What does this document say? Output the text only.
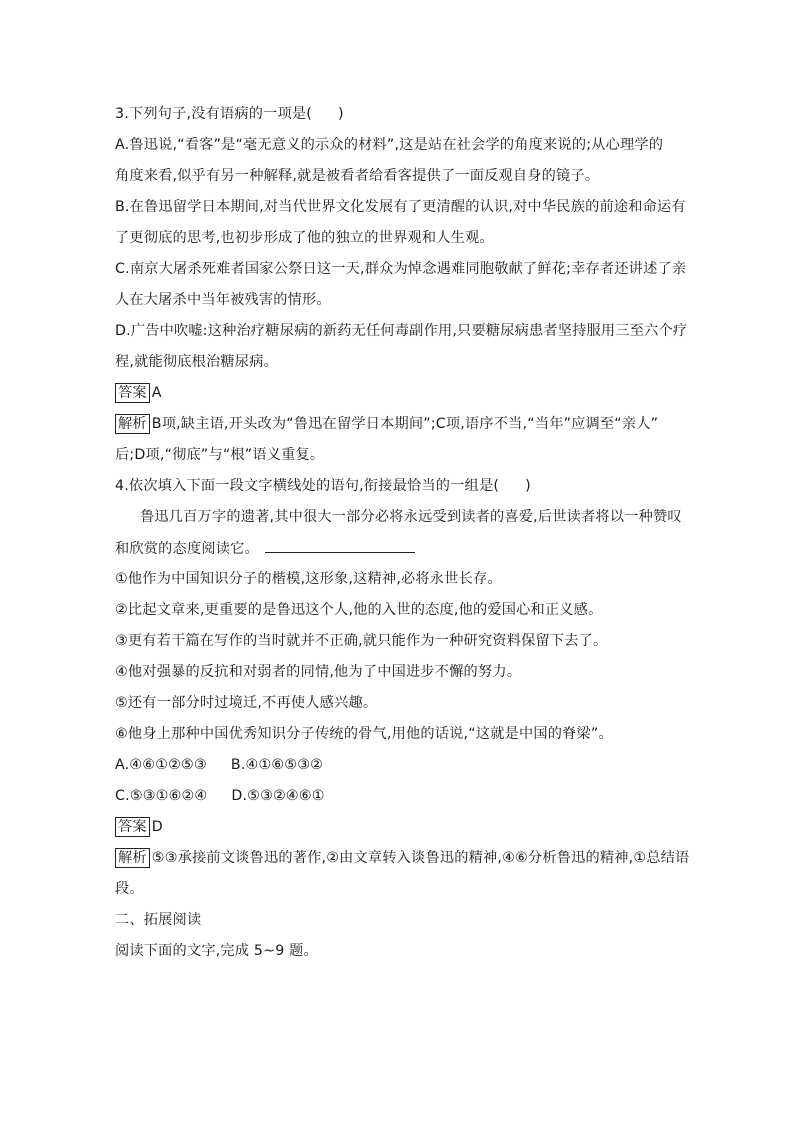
3.下列句子,没有语病的一项是( )
A.鲁迅说,“看客”是“毫无意义的示众的材料”,这是站在社会学的角度来说的;从心理学的
角度来看,似乎有另一种解释,就是被看者给看客提供了一面反观自身的镜子。
B.在鲁迅留学日本期间,对当代世界文化发展有了更清醒的认识,对中华民族的前途和命运有
了更彻底的思考,也初步形成了他的独立的世界观和人生观。
C.南京大屠杀死难者国家公祭日这一天,群众为悼念遇难同胞敬献了鲜花;幸存者还讲述了亲
人在大屠杀中当年被残害的情形。
D.广告中吹嘘:这种治疗糖尿病的新药无任何毒副作用,只要糖尿病患者坚持服用三至六个疗
程,就能彻底根治糖尿病。
答案 A
解析 B项,缺主语,开头改为“鲁迅在留学日本期间”;C项,语序不当,“当年”应调至“亲人”
后;D项,“彻底”与“根”语义重复。
4.依次填入下面一段文字横线处的语句,衔接最恰当的一组是( )
鲁迅几百万字的遗著,其中很大一部分必将永远受到读者的喜爱,后世读者将以一种赞叹
和欣赏的态度阅读它。
①他作为中国知识分子的楷模,这形象,这精神,必将永世长存。
②比起文章来,更重要的是鲁迅这个人,他的入世的态度,他的爱国心和正义感。
③更有若干篇在写作的当时就并不正确,就只能作为一种研究资料保留下去了。
④他对强暴的反抗和对弱者的同情,他为了中国进步不懈的努力。
⑤还有一部分时过境迁,不再使人感兴趣。
⑥他身上那种中国优秀知识分子传统的骨气,用他的话说,“这就是中国的脊梁”。
A.④⑥①②⑤③ B.④①⑥⑤③②
C.⑤③①⑥②④ D.⑤③②④⑥①
答案 D
解析 ⑤③承接前文谈鲁迅的著作,②由文章转入谈鲁迅的精神,④⑥分析鲁迅的精神,①总结语
段。
二、拓展阅读
阅读下面的文字,完成 5~9 题。
